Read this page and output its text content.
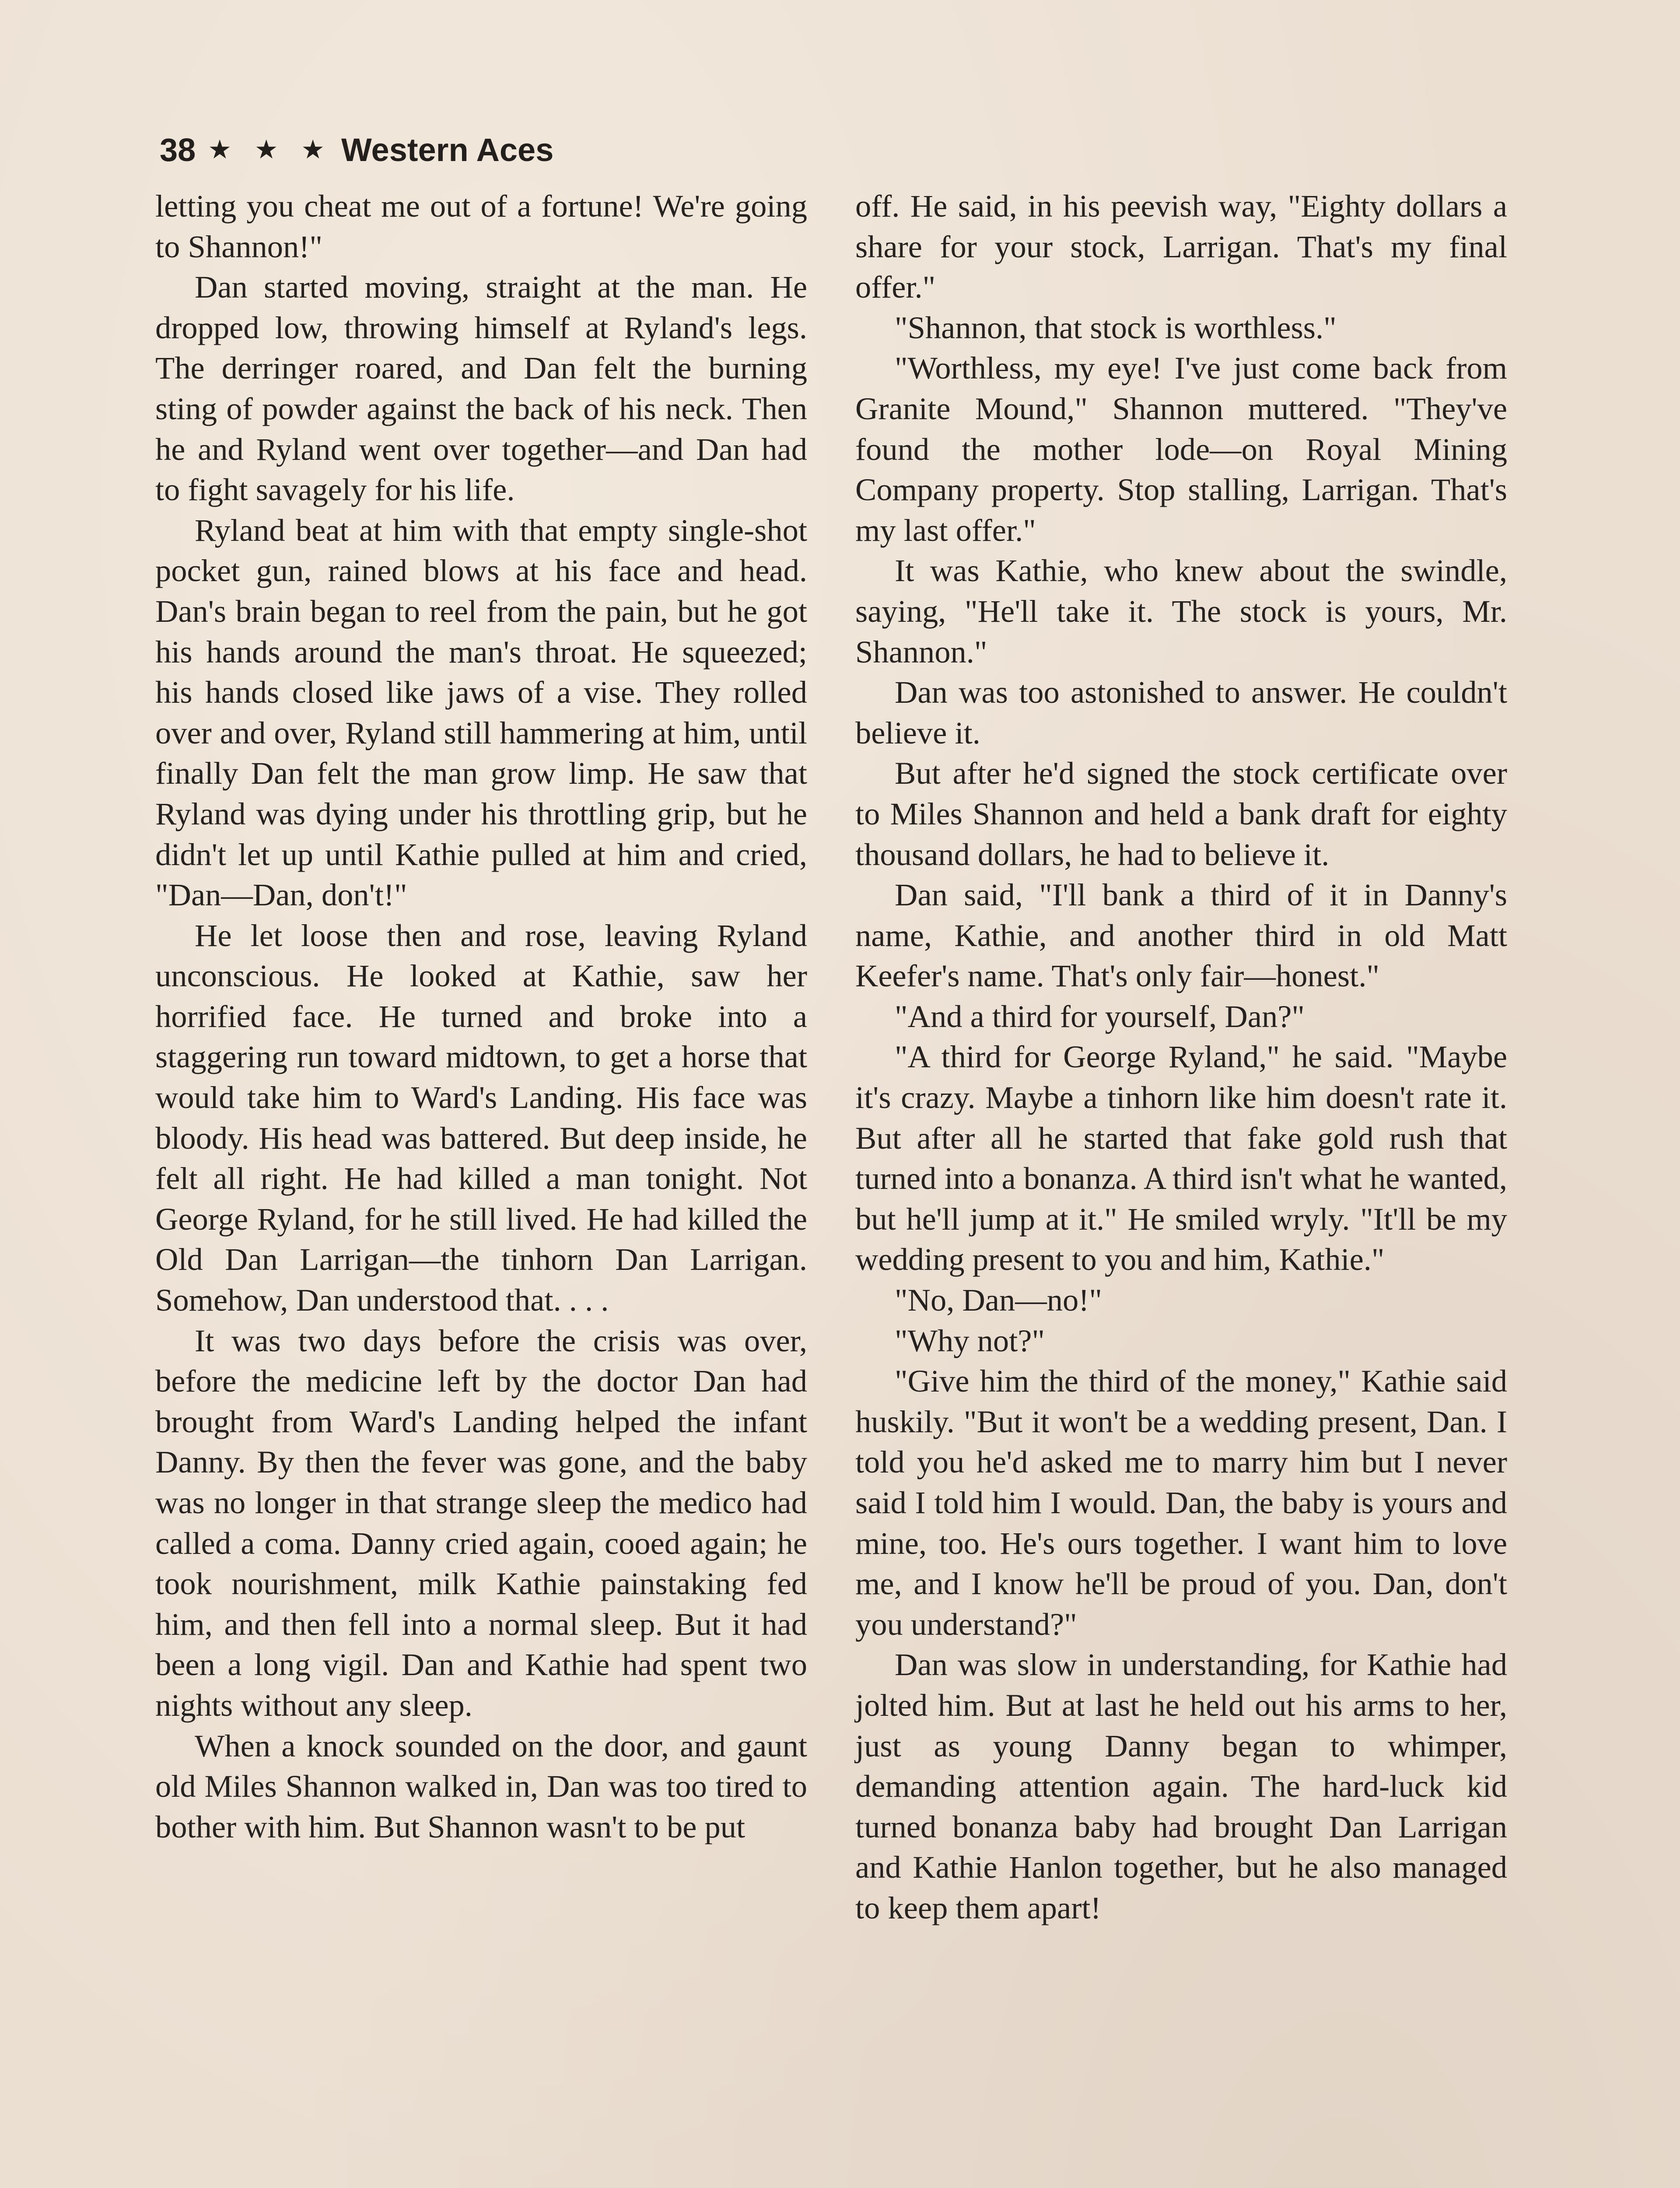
38 ★ ★ ★ Western Aces

letting you cheat me out of a fortune! We're going to Shannon!"

Dan started moving, straight at the man. He dropped low, throwing himself at Ryland's legs. The derringer roared, and Dan felt the burning sting of powder against the back of his neck. Then he and Ryland went over together—and Dan had to fight savagely for his life.

Ryland beat at him with that empty single-shot pocket gun, rained blows at his face and head. Dan's brain began to reel from the pain, but he got his hands around the man's throat. He squeezed; his hands closed like jaws of a vise. They rolled over and over, Ryland still hammering at him, until finally Dan felt the man grow limp. He saw that Ryland was dying under his throttling grip, but he didn't let up until Kathie pulled at him and cried, "Dan—Dan, don't!"

He let loose then and rose, leaving Ryland unconscious. He looked at Kathie, saw her horrified face. He turned and broke into a staggering run toward midtown, to get a horse that would take him to Ward's Landing. His face was bloody. His head was battered. But deep inside, he felt all right. He had killed a man tonight. Not George Ryland, for he still lived. He had killed the Old Dan Larrigan—the tinhorn Dan Larrigan. Somehow, Dan understood that. . . .

It was two days before the crisis was over, before the medicine left by the doctor Dan had brought from Ward's Landing helped the infant Danny. By then the fever was gone, and the baby was no longer in that strange sleep the medico had called a coma. Danny cried again, cooed again; he took nourishment, milk Kathie painstaking fed him, and then fell into a normal sleep. But it had been a long vigil. Dan and Kathie had spent two nights without any sleep.

When a knock sounded on the door, and gaunt old Miles Shannon walked in, Dan was too tired to bother with him. But Shannon wasn't to be put

off. He said, in his peevish way, "Eighty dollars a share for your stock, Larrigan. That's my final offer."

"Shannon, that stock is worthless."

"Worthless, my eye! I've just come back from Granite Mound," Shannon muttered. "They've found the mother lode—on Royal Mining Company property. Stop stalling, Larrigan. That's my last offer."

It was Kathie, who knew about the swindle, saying, "He'll take it. The stock is yours, Mr. Shannon."

Dan was too astonished to answer. He couldn't believe it.

But after he'd signed the stock certificate over to Miles Shannon and held a bank draft for eighty thousand dollars, he had to believe it.

Dan said, "I'll bank a third of it in Danny's name, Kathie, and another third in old Matt Keefer's name. That's only fair—honest."

"And a third for yourself, Dan?"

"A third for George Ryland," he said. "Maybe it's crazy. Maybe a tinhorn like him doesn't rate it. But after all he started that fake gold rush that turned into a bonanza. A third isn't what he wanted, but he'll jump at it." He smiled wryly. "It'll be my wedding present to you and him, Kathie."

"No, Dan—no!"

"Why not?"

"Give him the third of the money," Kathie said huskily. "But it won't be a wedding present, Dan. I told you he'd asked me to marry him but I never said I told him I would. Dan, the baby is yours and mine, too. He's ours together. I want him to love me, and I know he'll be proud of you. Dan, don't you understand?"

Dan was slow in understanding, for Kathie had jolted him. But at last he held out his arms to her, just as young Danny began to whimper, demanding attention again. The hard-luck kid turned bonanza baby had brought Dan Larrigan and Kathie Hanlon together, but he also managed to keep them apart!
